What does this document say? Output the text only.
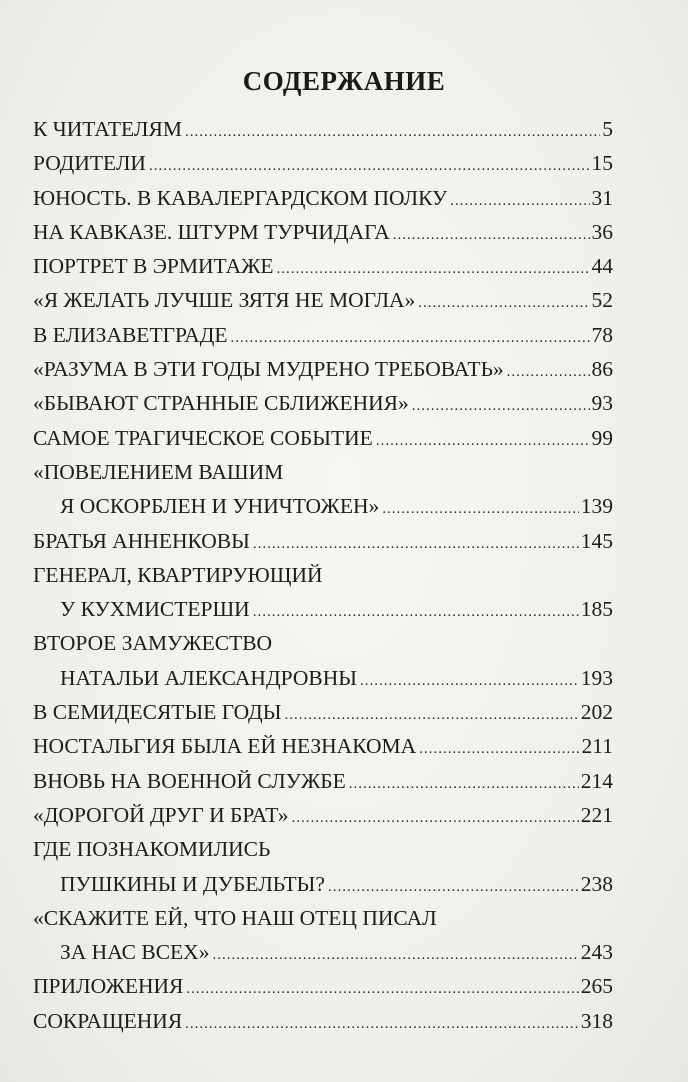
СОДЕРЖАНИЕ
К ЧИТАТЕЛЯМ .....	5
РОДИТЕЛИ .....	15
ЮНОСТЬ. В КАВАЛЕРГАРДСКОМ ПОЛКУ .....	31
НА КАВКАЗЕ. ШТУРМ ТУРЧИДАГА .....	36
ПОРТРЕТ В ЭРМИТАЖЕ .....	44
«Я ЖЕЛАТЬ ЛУЧШЕ ЗЯТЯ НЕ МОГЛА» .....	52
В ЕЛИЗАВЕТГРАДЕ .....	78
«РАЗУМА В ЭТИ ГОДЫ МУДРЕНО ТРЕБОВАТЬ» .....	86
«БЫВАЮТ СТРАННЫЕ СБЛИЖЕНИЯ» .....	93
САМОЕ ТРАГИЧЕСКОЕ СОБЫТИЕ .....	99
«ПОВЕЛЕНИЕМ ВАШИМ
Я ОСКОРБЛЕН И УНИЧТОЖЕН» .....	139
БРАТЬЯ АННЕНКОВЫ .....	145
ГЕНЕРАЛ, КВАРТИРУЮЩИЙ
У КУХМИСТЕРШИ .....	185
ВТОРОЕ ЗАМУЖЕСТВО
НАТАЛЬИ АЛЕКСАНДРОВНЫ .....	193
В СЕМИДЕСЯТЫЕ ГОДЫ .....	202
НОСТАЛЬГИЯ БЫЛА ЕЙ НЕЗНАКОМА .....	211
ВНОВЬ НА ВОЕННОЙ СЛУЖБЕ .....	214
«ДОРОГОЙ ДРУГ И БРАТ» .....	221
ГДЕ ПОЗНАКОМИЛИСЬ
ПУШКИНЫ И ДУБЕЛЬТЫ? .....	238
«СКАЖИТЕ ЕЙ, ЧТО НАШ ОТЕЦ ПИСАЛ
ЗА НАС ВСЕХ» .....	243
ПРИЛОЖЕНИЯ .....	265
СОКРАЩЕНИЯ .....	318
